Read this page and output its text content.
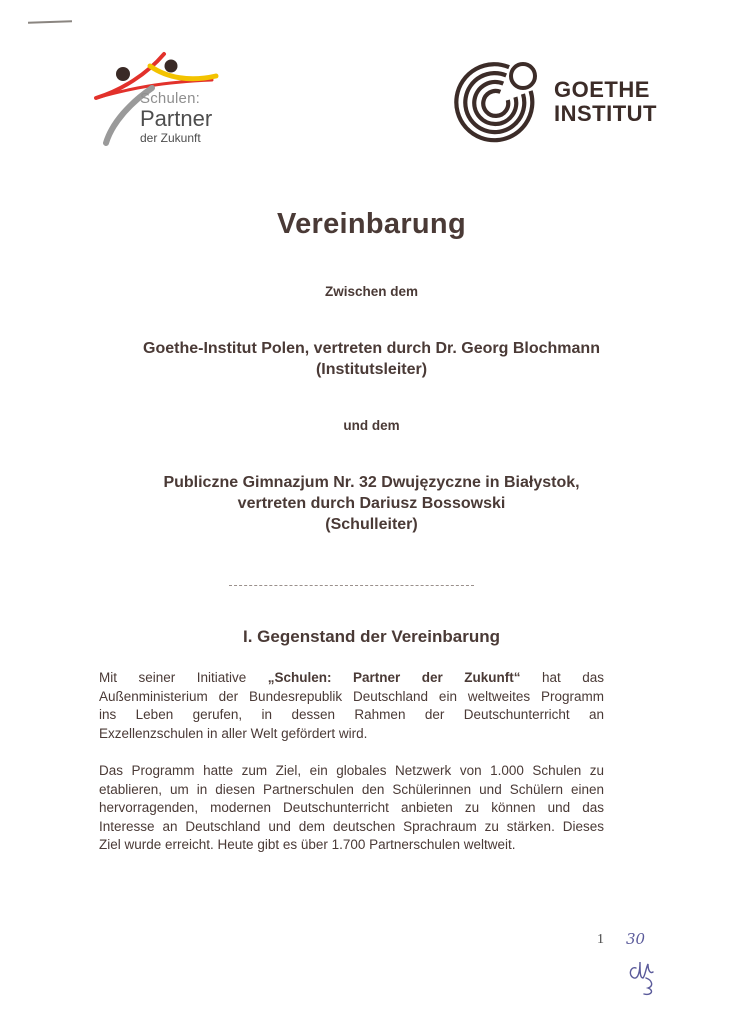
Schulen:
Partner
der Zukunft
GOETHE
INSTITUT
Vereinbarung
Zwischen dem
Goethe-Institut Polen, vertreten durch Dr. Georg Blochmann
(Institutsleiter)
und dem
Publiczne Gimnazjum Nr. 32 Dwujęzyczne in Białystok,
vertreten durch Dariusz Bossowski
(Schulleiter)
I. Gegenstand der Vereinbarung
Mit seiner Initiative „Schulen: Partner der Zukunft“ hat das
Außenministerium der Bundesrepublik Deutschland ein weltweites Programm
ins Leben gerufen, in dessen Rahmen der Deutschunterricht an
Exzellenzschulen in aller Welt gefördert wird.
Das Programm hatte zum Ziel, ein globales Netzwerk von 1.000 Schulen zu
etablieren, um in diesen Partnerschulen den Schülerinnen und Schülern einen
hervorragenden, modernen Deutschunterricht anbieten zu können und das
Interesse an Deutschland und dem deutschen Sprachraum zu stärken. Dieses
Ziel wurde erreicht. Heute gibt es über 1.700 Partnerschulen weltweit.
1 30
